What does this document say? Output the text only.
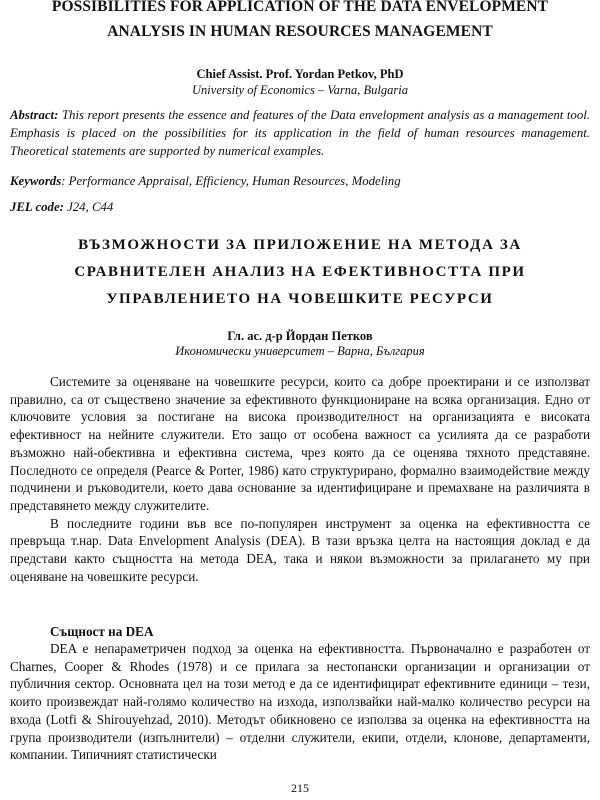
POSSIBILITIES FOR APPLICATION OF THE DATA ENVELOPMENT
ANALYSIS IN HUMAN RESOURCES MANAGEMENT
Chief Assist. Prof. Yordan Petkov, PhD
University of Economics – Varna, Bulgaria
Abstract: This report presents the essence and features of the Data envelopment analysis as a management tool. Emphasis is placed on the possibilities for its application in the field of human resources management. Theoretical statements are supported by numerical examples.
Keywords: Performance Appraisal, Efficiency, Human Resources, Modeling
JEL code: J24, C44
ВЪЗМОЖНОСТИ ЗА ПРИЛОЖЕНИЕ НА МЕТОДА ЗА
СРАВНИТЕЛЕН АНАЛИЗ НА ЕФЕКТИВНОСТТА ПРИ
УПРАВЛЕНИЕТО НА ЧОВЕШКИТЕ РЕСУРСИ
Гл. ас. д-р Йордан Петков
Икономически университет – Варна, България

Системите за оценяване на човешките ресурси, които са добре проектирани и се използват правилно, са от съществено значение за ефективното функциониране на всяка организация. Едно от ключовите условия за постигане на висока производителност на организацията е високата ефективност на нейните служители. Ето защо от особена важност са усилията да се разработи възможно най-обективна и ефективна система, чрез която да се оценява тяхното представяне. Последното се определя (Pearce & Porter, 1986) като структурирано, формално взаимодействие между подчинени и ръководители, което дава основание за идентифициране и премахване на различията в представянето между служителите.

В последните години във все по-популярен инструмент за оценка на ефективността се превръща т.нар. Data Envelopment Analysis (DEA). В тази връзка целта на настоящия доклад е да представи както същността на метода DEA, така и някои възможности за прилагането му при оценяване на човешките ресурси.

Същност на DEA

DEA е непараметричен подход за оценка на ефективността. Първоначално е разработен от Charnes, Cooper & Rhodes (1978) и се прилага за нестопански организации и организации от публичния сектор. Основната цел на този метод е да се идентифицират ефективните единици – тези, които произвеждат най-голямо количество на изхода, използвайки най-малко количество ресурси на входа (Lotfi & Shirouyehzad, 2010). Методът обикновено се използва за оценка на ефективността на група производители (изпълнители) – отделни служители, екипи, отдели, клонове, департаменти, компании. Типичният статистически

215
